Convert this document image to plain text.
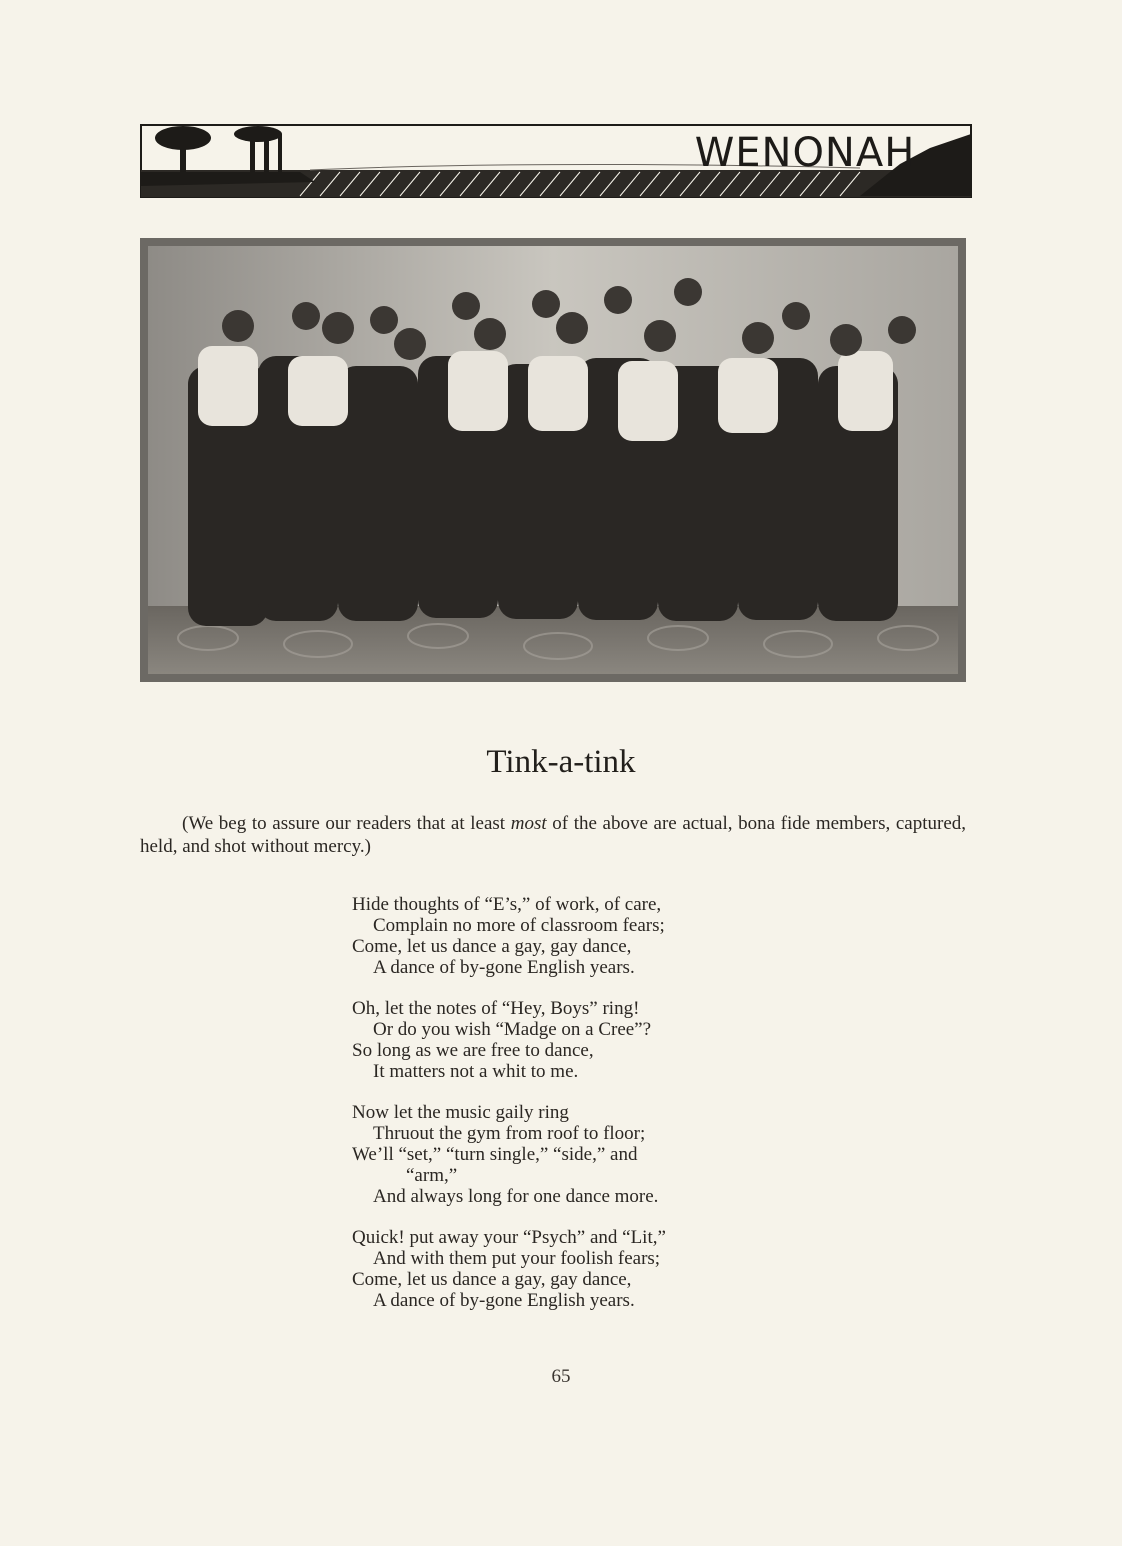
WENONAH
Tink-a-tink
(We beg to assure our readers that at least most of the above are actual, bona fide members, captured, held, and shot without mercy.)
Hide thoughts of “E’s,” of work, of care,
Complain no more of classroom fears;
Come, let us dance a gay, gay dance,
A dance of by-gone English years.
Oh, let the notes of “Hey, Boys” ring!
Or do you wish “Madge on a Cree”?
So long as we are free to dance,
It matters not a whit to me.
Now let the music gaily ring
Thruout the gym from roof to floor;
We’ll “set,” “turn single,” “side,” and
“arm,”
And always long for one dance more.
Quick! put away your “Psych” and “Lit,”
And with them put your foolish fears;
Come, let us dance a gay, gay dance,
A dance of by-gone English years.
65
